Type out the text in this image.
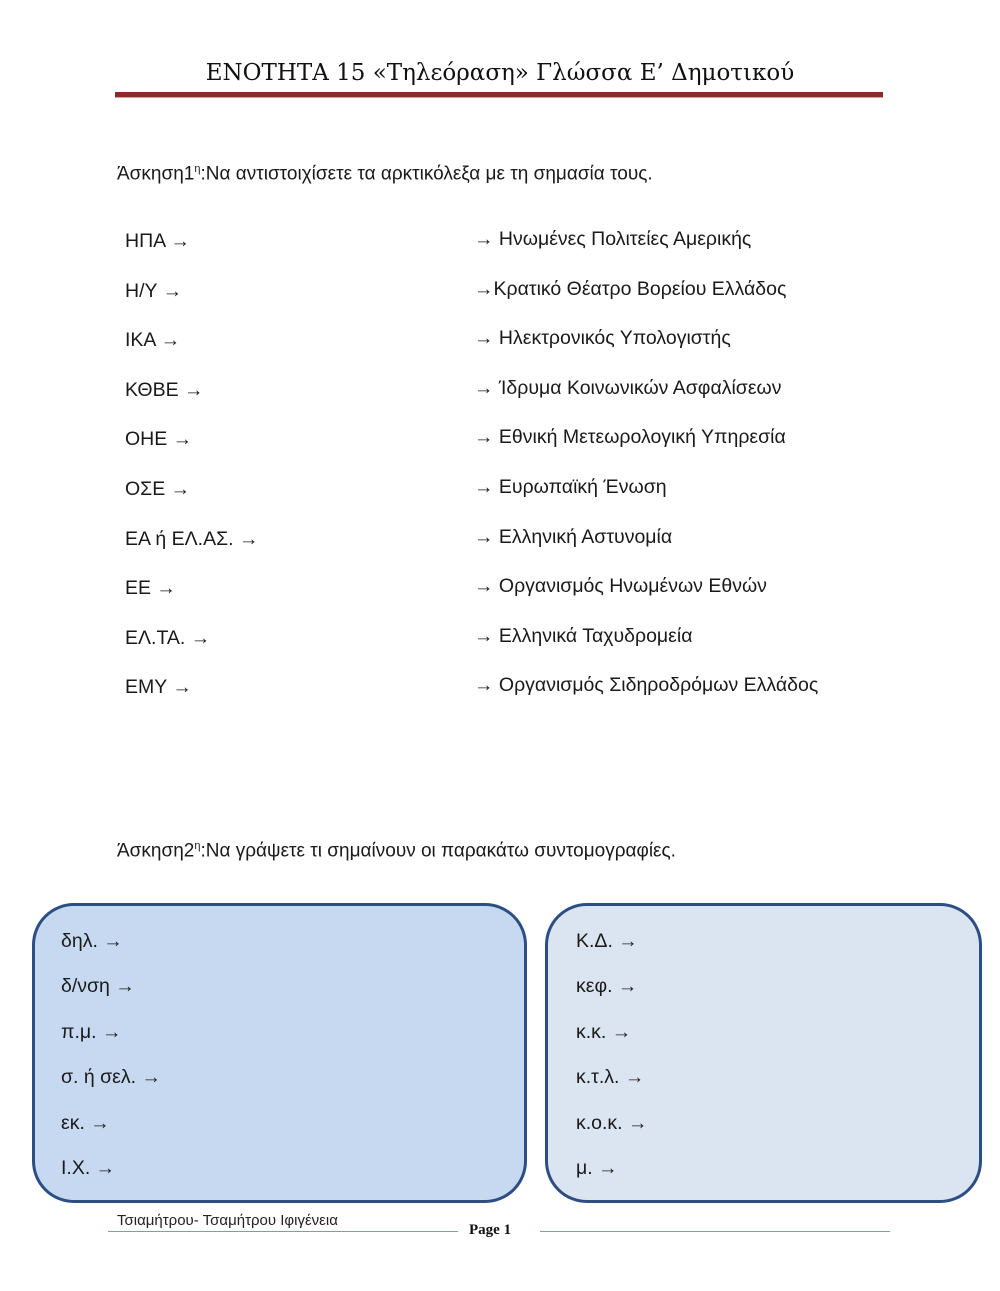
ΕΝΟΤΗΤΑ 15 «Τηλεόραση» Γλώσσα Ε’ Δημοτικού
$Ά\sigma\kappa\eta\sigma\eta 1^\eta:N\alpha$ αντιστοιχίσετε τα αρκτικόλεξα με τη σημασία τους.
ΗΠΑ →
Η/Υ →
ΙΚΑ →
ΚΘΒΕ →
ΟΗΕ →
ΟΣΕ →
ΕΑ ή ΕΛ.ΑΣ. →
ΕΕ →
ΕΛ.ΤΑ. →
ΕΜΥ →
→ Ηνωμένες Πολιτείες Αμερικής
→Κρατικό Θέατρο Βορείου Ελλάδος
→ Ηλεκτρονικός Υπολογιστής
→ Ίδρυμα Κοινωνικών Ασφαλίσεων
→ Εθνική Μετεωρολογική Υπηρεσία
→ Ευρωπαϊκή Ένωση
→ Ελληνική Αστυνομία
→ Οργανισμός Ηνωμένων Εθνών
→ Ελληνικά Ταχυδρομεία
→ Οργανισμός Σιδηροδρόμων Ελλάδος
$Ά\sigma\kappa\eta\sigma\eta 2^\eta:N\alpha$ γράψετε τι σημαίνουν οι παρακάτω συντομογραφίες.
δηλ. →
δ/νση →
π.μ. →
σ. ή σελ. →
εκ. →
Ι.Χ. →
Κ.Δ. →
κεφ. →
κ.κ. →
κ.τ.λ. →
κ.ο.κ. →
μ. →
Τσιαμήτρου- Τσαμήτρου Ιφιγένεια
Page 1
